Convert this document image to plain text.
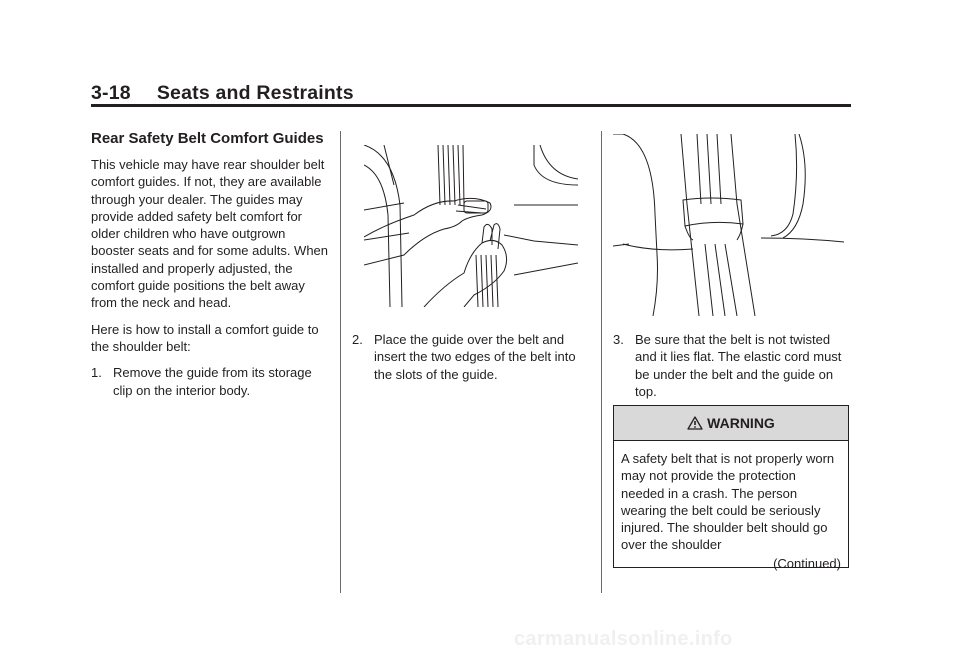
3-18 Seats and Restraints
Rear Safety Belt Comfort Guides

This vehicle may have rear shoulder belt comfort guides. If not, they are available through your dealer. The guides may provide added safety belt comfort for older children who have outgrown booster seats and for some adults. When installed and properly adjusted, the comfort guide positions the belt away from the neck and head.

Here is how to install a comfort guide to the shoulder belt:

1. Remove the guide from its storage clip on the interior body.
2. Place the guide over the belt and insert the two edges of the belt into the slots of the guide.
3. Be sure that the belt is not twisted and it lies flat. The elastic cord must be under the belt and the guide on top.
WARNING
A safety belt that is not properly worn may not provide the protection needed in a crash. The person wearing the belt could be seriously injured. The shoulder belt should go over the shoulder
(Continued)
carmanualsonline.info
